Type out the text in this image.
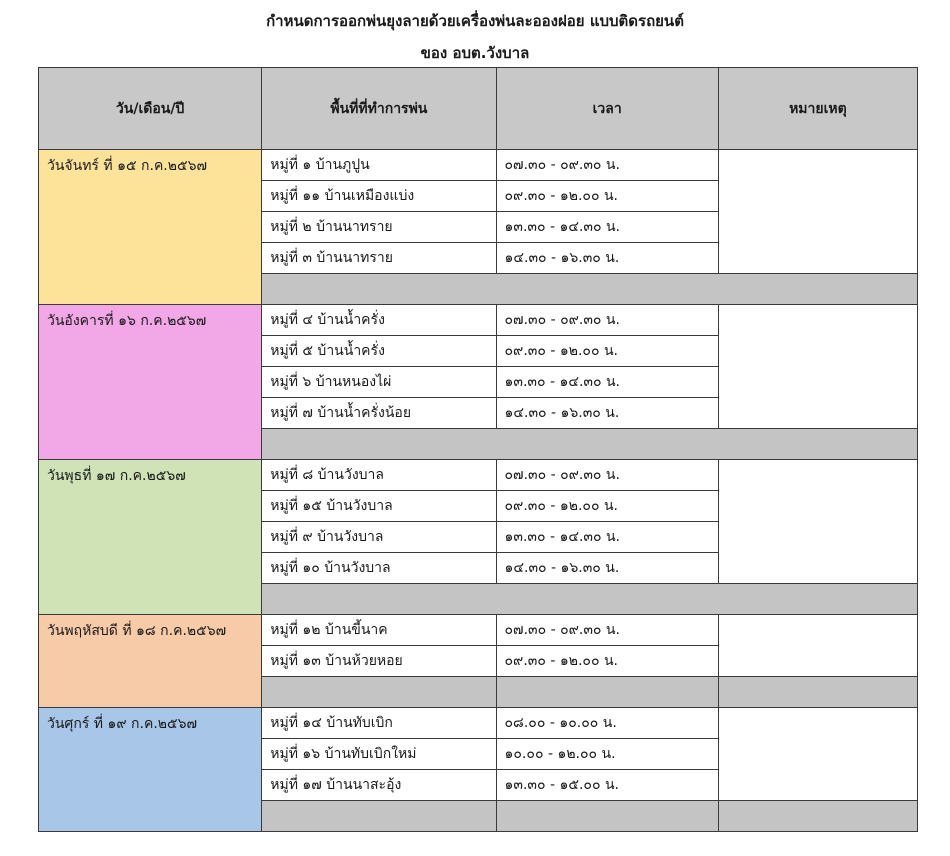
กำหนดการออกพ่นยุงลายด้วยเครื่องพ่นละอองฝอย แบบติดรถยนต์
ของ อบต.วังบาล
วัน/เดือน/ปี	พื้นที่ที่ทำการพ่น	เวลา	หมายเหตุ
วันจันทร์ ที่ ๑๕ ก.ค.๒๕๖๗	หมู่ที่ ๑ บ้านภูปูน	๐๗.๓๐ - ๐๙.๓๐ น.	
	หมู่ที่ ๑๑ บ้านเหมืองแบ่ง	๐๙.๓๐ - ๑๒.๐๐ น.	
	หมู่ที่ ๒ บ้านนาทราย	๑๓.๓๐ - ๑๔.๓๐ น.	
	หมู่ที่ ๓ บ้านนาทราย	๑๔.๓๐ - ๑๖.๓๐ น.	

วันอังคารที่ ๑๖ ก.ค.๒๕๖๗	หมู่ที่ ๔ บ้านน้ำครั่ง	๐๗.๓๐ - ๐๙.๓๐ น.	
	หมู่ที่ ๕ บ้านน้ำครั่ง	๐๙.๓๐ - ๑๒.๐๐ น.	
	หมู่ที่ ๖ บ้านหนองไผ่	๑๓.๓๐ - ๑๔.๓๐ น.	
	หมู่ที่ ๗ บ้านน้ำครั่งน้อย	๑๔.๓๐ - ๑๖.๓๐ น.	

วันพุธที่ ๑๗ ก.ค.๒๕๖๗	หมู่ที่ ๘ บ้านวังบาล	๐๗.๓๐ - ๐๙.๓๐ น.	
	หมู่ที่ ๑๕ บ้านวังบาล	๐๙.๓๐ - ๑๒.๐๐ น.	
	หมู่ที่ ๙ บ้านวังบาล	๑๓.๓๐ - ๑๔.๓๐ น.	
	หมู่ที่ ๑๐ บ้านวังบาล	๑๔.๓๐ - ๑๖.๓๐ น.	

วันพฤหัสบดี ที่ ๑๘ ก.ค.๒๕๖๗	หมู่ที่ ๑๒ บ้านขี้นาค	๐๗.๓๐ - ๐๙.๓๐ น.	
	หมู่ที่ ๑๓ บ้านห้วยหอย	๐๙.๓๐ - ๑๒.๐๐ น.	

วันศุกร์ ที่ ๑๙ ก.ค.๒๕๖๗	หมู่ที่ ๑๔ บ้านทับเบิก	๐๘.๐๐ - ๑๐.๐๐ น.	
	หมู่ที่ ๑๖ บ้านทับเบิกใหม่	๑๐.๐๐ - ๑๒.๐๐ น.	
	หมู่ที่ ๑๗ บ้านนาสะอุ้ง	๑๓.๓๐ - ๑๕.๐๐ น.	
